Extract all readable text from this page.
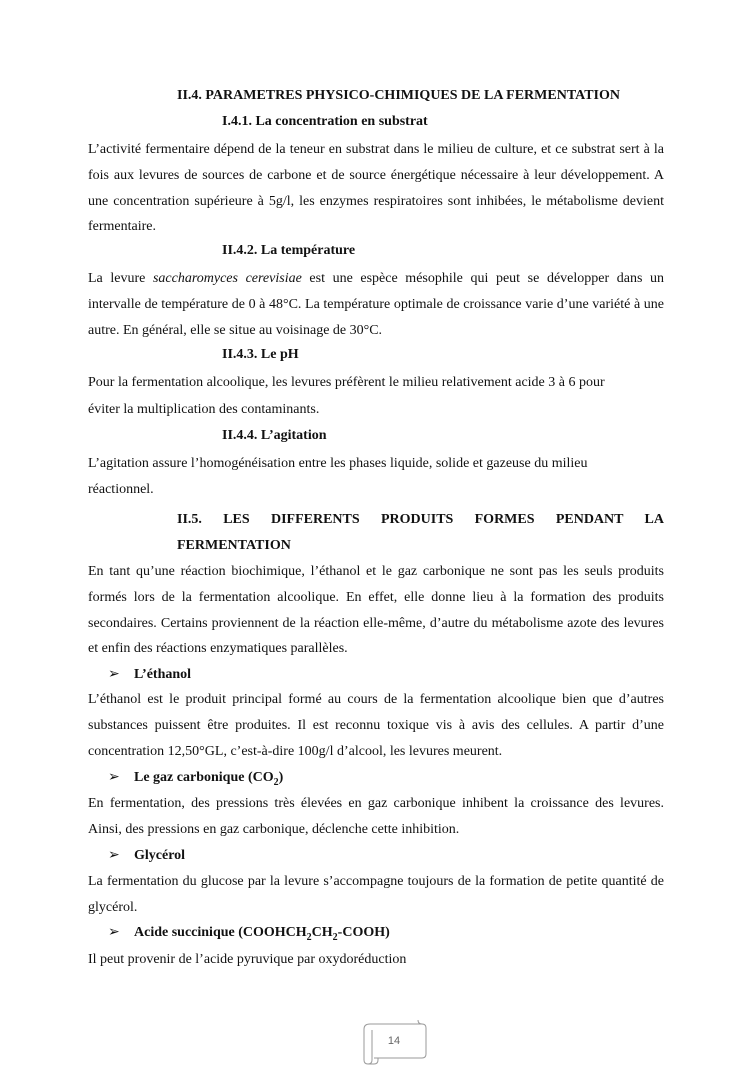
II.4. PARAMETRES PHYSICO-CHIMIQUES DE LA FERMENTATION
I.4.1. La concentration en substrat

L’activité fermentaire dépend de la teneur en substrat dans le milieu de culture, et ce substrat sert à la fois aux levures de sources de carbone et de source énergétique nécessaire à leur développement. A une concentration supérieure à 5g/l, les enzymes respiratoires sont inhibées, le métabolisme devient fermentaire.

II.4.2. La température

La levure saccharomyces cerevisiae est une espèce mésophile qui peut se développer dans un intervalle de température de 0 à 48°C. La température optimale de croissance varie d’une variété à une autre. En général, elle se situe au voisinage de 30°C.

II.4.3. Le pH
Pour la fermentation alcoolique, les levures préfèrent le milieu relativement acide 3 à 6 pour
éviter la multiplication des contaminants.
II.4.4. L’agitation
L’agitation assure l’homogénéisation entre les phases liquide, solide et gazeuse du milieu
réactionnel.
II.5. LES DIFFERENTS PRODUITS FORMES PENDANT LA
FERMENTATION

En tant qu’une réaction biochimique, l’éthanol et le gaz carbonique ne sont pas les seuls produits formés lors de la fermentation alcoolique. En effet, elle donne lieu à la formation des produits secondaires. Certains proviennent de la réaction elle-même, d’autre du métabolisme azote des levures et enfin des réactions enzymatiques parallèles.

➢ L’éthanol

L’éthanol est le produit principal formé au cours de la fermentation alcoolique bien que d’autres substances puissent être produites. Il est reconnu toxique vis à avis des cellules. A partir d’une concentration 12,50°GL, c’est-à-dire 100g/l d’alcool, les levures meurent.

➢ Le gaz carbonique $(CO_2)$

En fermentation, des pressions très élevées en gaz carbonique inhibent la croissance des levures. Ainsi, des pressions en gaz carbonique, déclenche cette inhibition.

➢ Glycérol

La fermentation du glucose par la levure s’accompagne toujours de la formation de petite quantité de glycérol.

➢ Acide succinique $(COOHCH_2CH_2-COOH)$
Il peut provenir de l’acide pyruvique par oxydoréduction
14
